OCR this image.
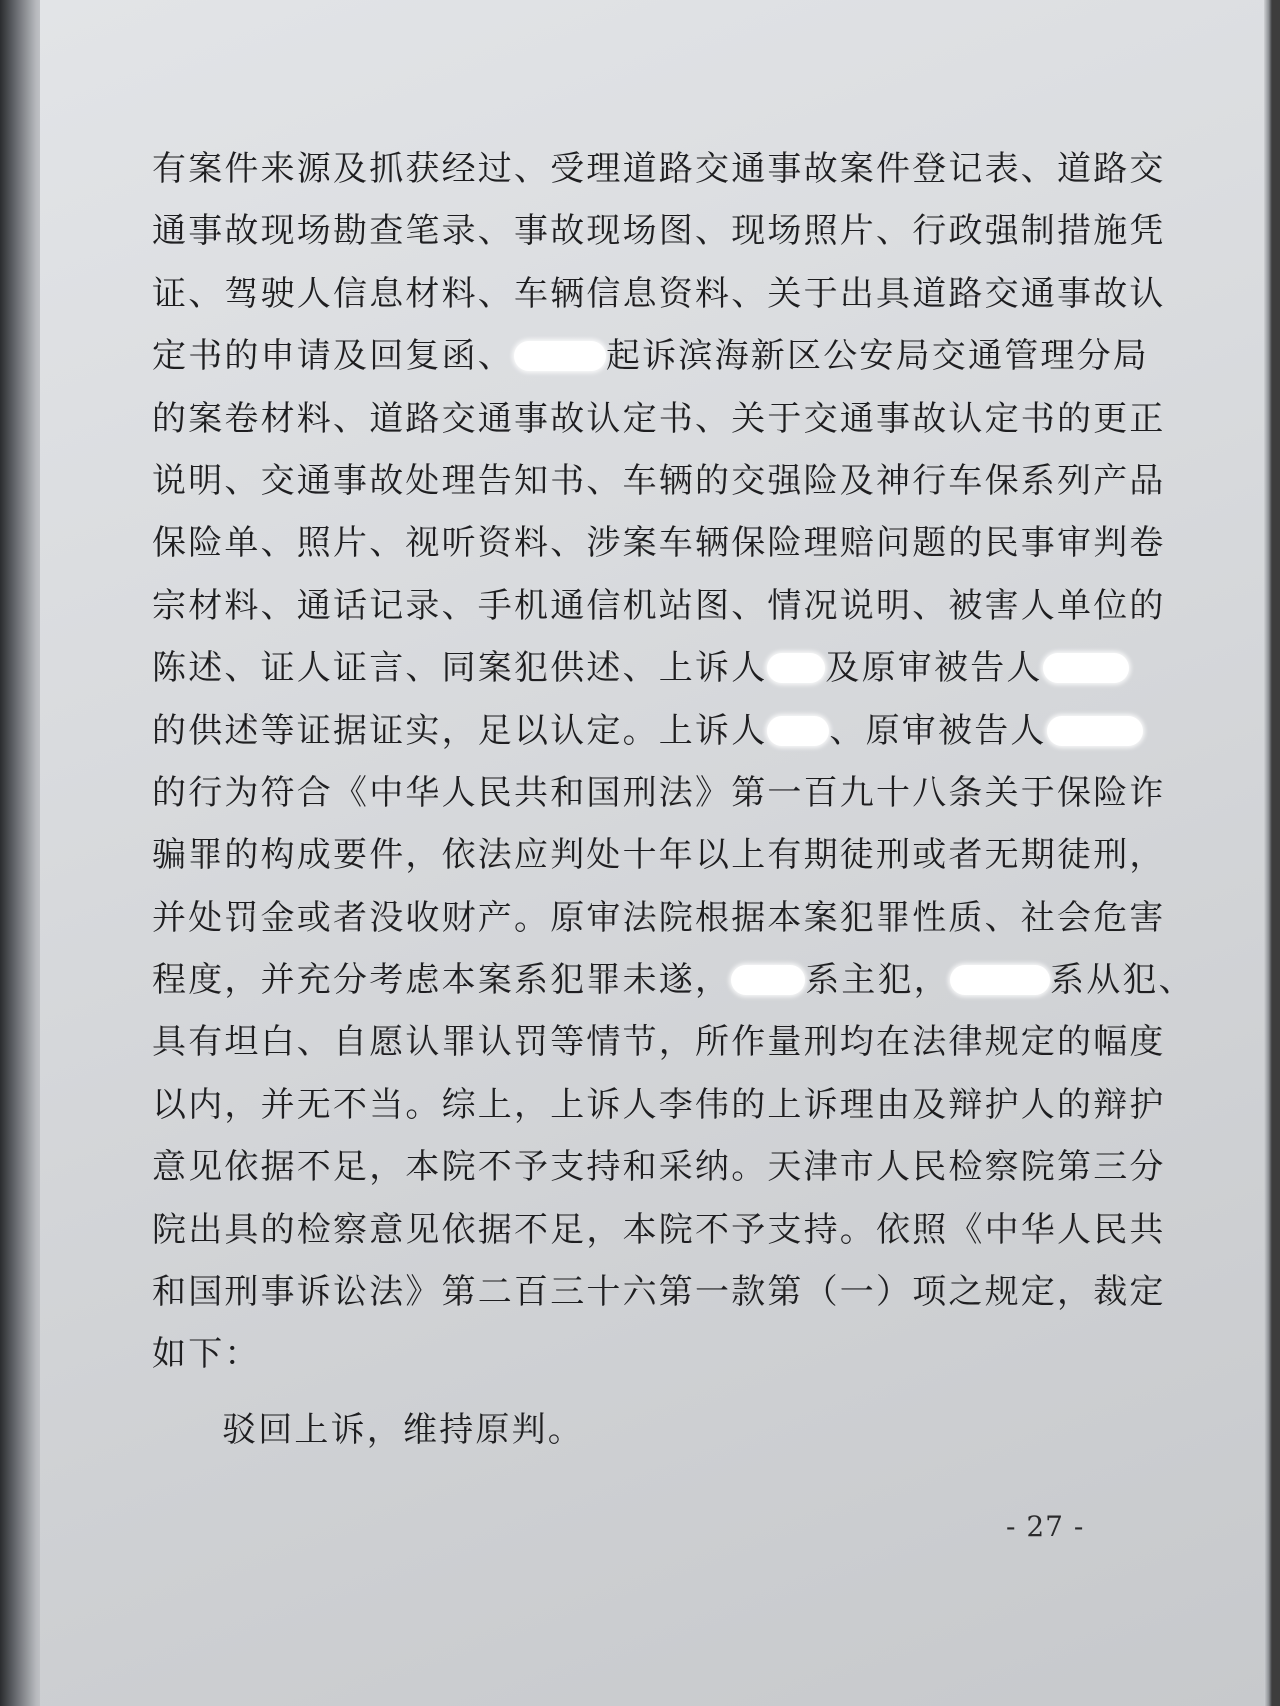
有案件来源及抓获经过、受理道路交通事故案件登记表、道路交
通事故现场勘查笔录、事故现场图、现场照片、行政强制措施凭
证、驾驶人信息材料、车辆信息资料、关于出具道路交通事故认
定书的申请及回复函、	起诉滨海新区公安局交通管理分局
的案卷材料、道路交通事故认定书、关于交通事故认定书的更正
说明、交通事故处理告知书、车辆的交强险及神行车保系列产品
保险单、照片、视听资料、涉案车辆保险理赔问题的民事审判卷
宗材料、通话记录、手机通信机站图、情况说明、被害人单位的
陈述、证人证言、同案犯供述、上诉人 及原审被告人
的供述等证据证实，足以认定。上诉人 、原审被告人
的行为符合《中华人民共和国刑法》第一百九十八条关于保险诈
骗罪的构成要件，依法应判处十年以上有期徒刑或者无期徒刑，
并处罚金或者没收财产。原审法院根据本案犯罪性质、社会危害
程度，并充分考虑本案系犯罪未遂， 系主犯，	系从犯、
具有坦白、自愿认罪认罚等情节，所作量刑均在法律规定的幅度
以内，并无不当。综上，上诉人李伟的上诉理由及辩护人的辩护
意见依据不足，本院不予支持和采纳。天津市人民检察院第三分
院出具的检察意见依据不足，本院不予支持。依照《中华人民共
和国刑事诉讼法》第二百三十六第一款第（一）项之规定，裁定
如下：
驳回上诉，维持原判。
- 27 -
